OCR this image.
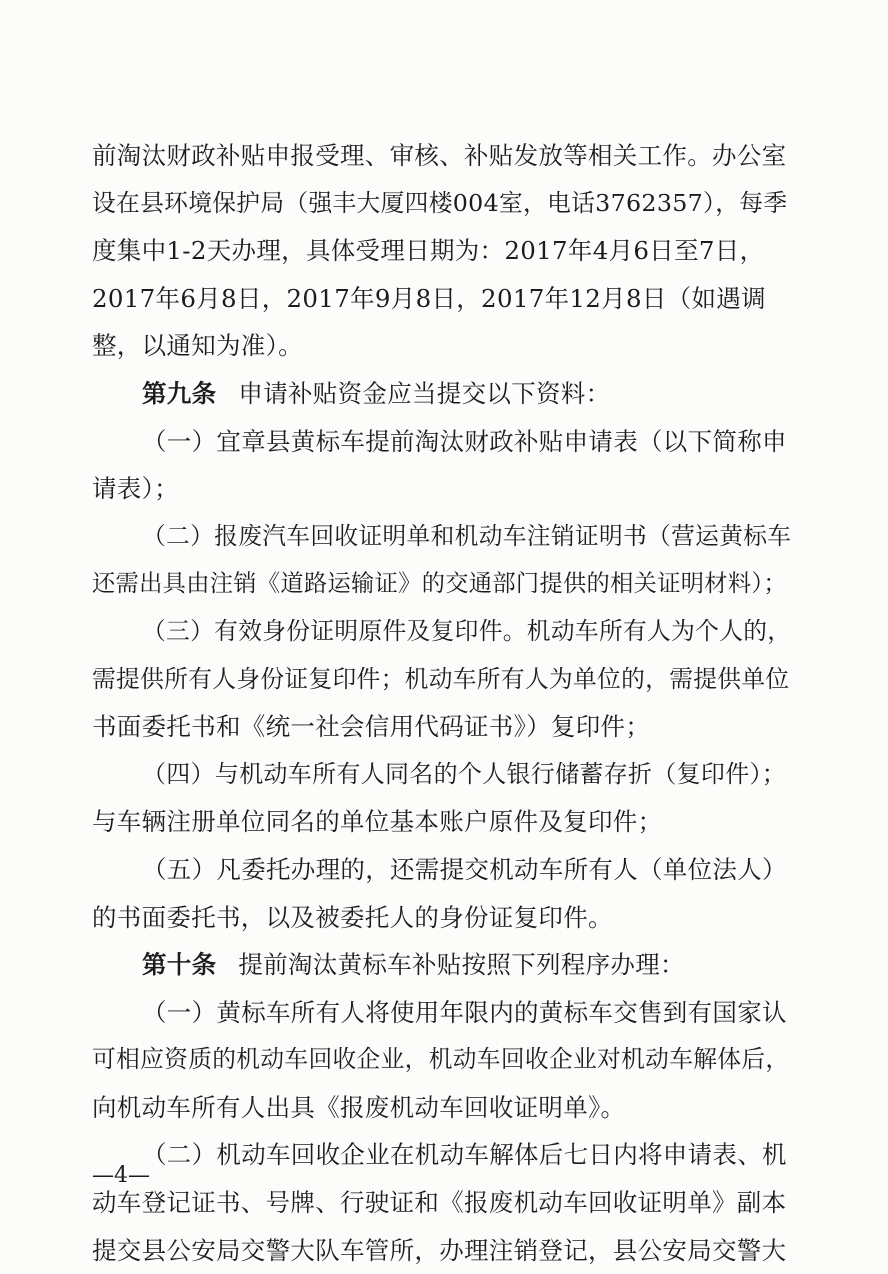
前淘汰财政补贴申报受理、审核、补贴发放等相关工作。办公室
设在县环境保护局（强丰大厦四楼004室，电话3762357），每季
度集中1-2天办理，具体受理日期为：2017年4月6日至7日，
2017年6月8日，2017年9月8日，2017年12月8日（如遇调
整，以通知为准）。
第九条 申请补贴资金应当提交以下资料：
（一）宜章县黄标车提前淘汰财政补贴申请表（以下简称申
请表）；
（二）报废汽车回收证明单和机动车注销证明书（营运黄标车
还需出具由注销《道路运输证》的交通部门提供的相关证明材料）；
（三）有效身份证明原件及复印件。机动车所有人为个人的，
需提供所有人身份证复印件；机动车所有人为单位的，需提供单位
书面委托书和《统一社会信用代码证书》）复印件；
（四）与机动车所有人同名的个人银行储蓄存折（复印件）；
与车辆注册单位同名的单位基本账户原件及复印件；
（五）凡委托办理的，还需提交机动车所有人（单位法人）
的书面委托书，以及被委托人的身份证复印件。
第十条 提前淘汰黄标车补贴按照下列程序办理：
（一）黄标车所有人将使用年限内的黄标车交售到有国家认
可相应资质的机动车回收企业，机动车回收企业对机动车解体后，
向机动车所有人出具《报废机动车回收证明单》。
（二）机动车回收企业在机动车解体后七日内将申请表、机
动车登记证书、号牌、行驶证和《报废机动车回收证明单》副本
提交县公安局交警大队车管所，办理注销登记，县公安局交警大
—4—
